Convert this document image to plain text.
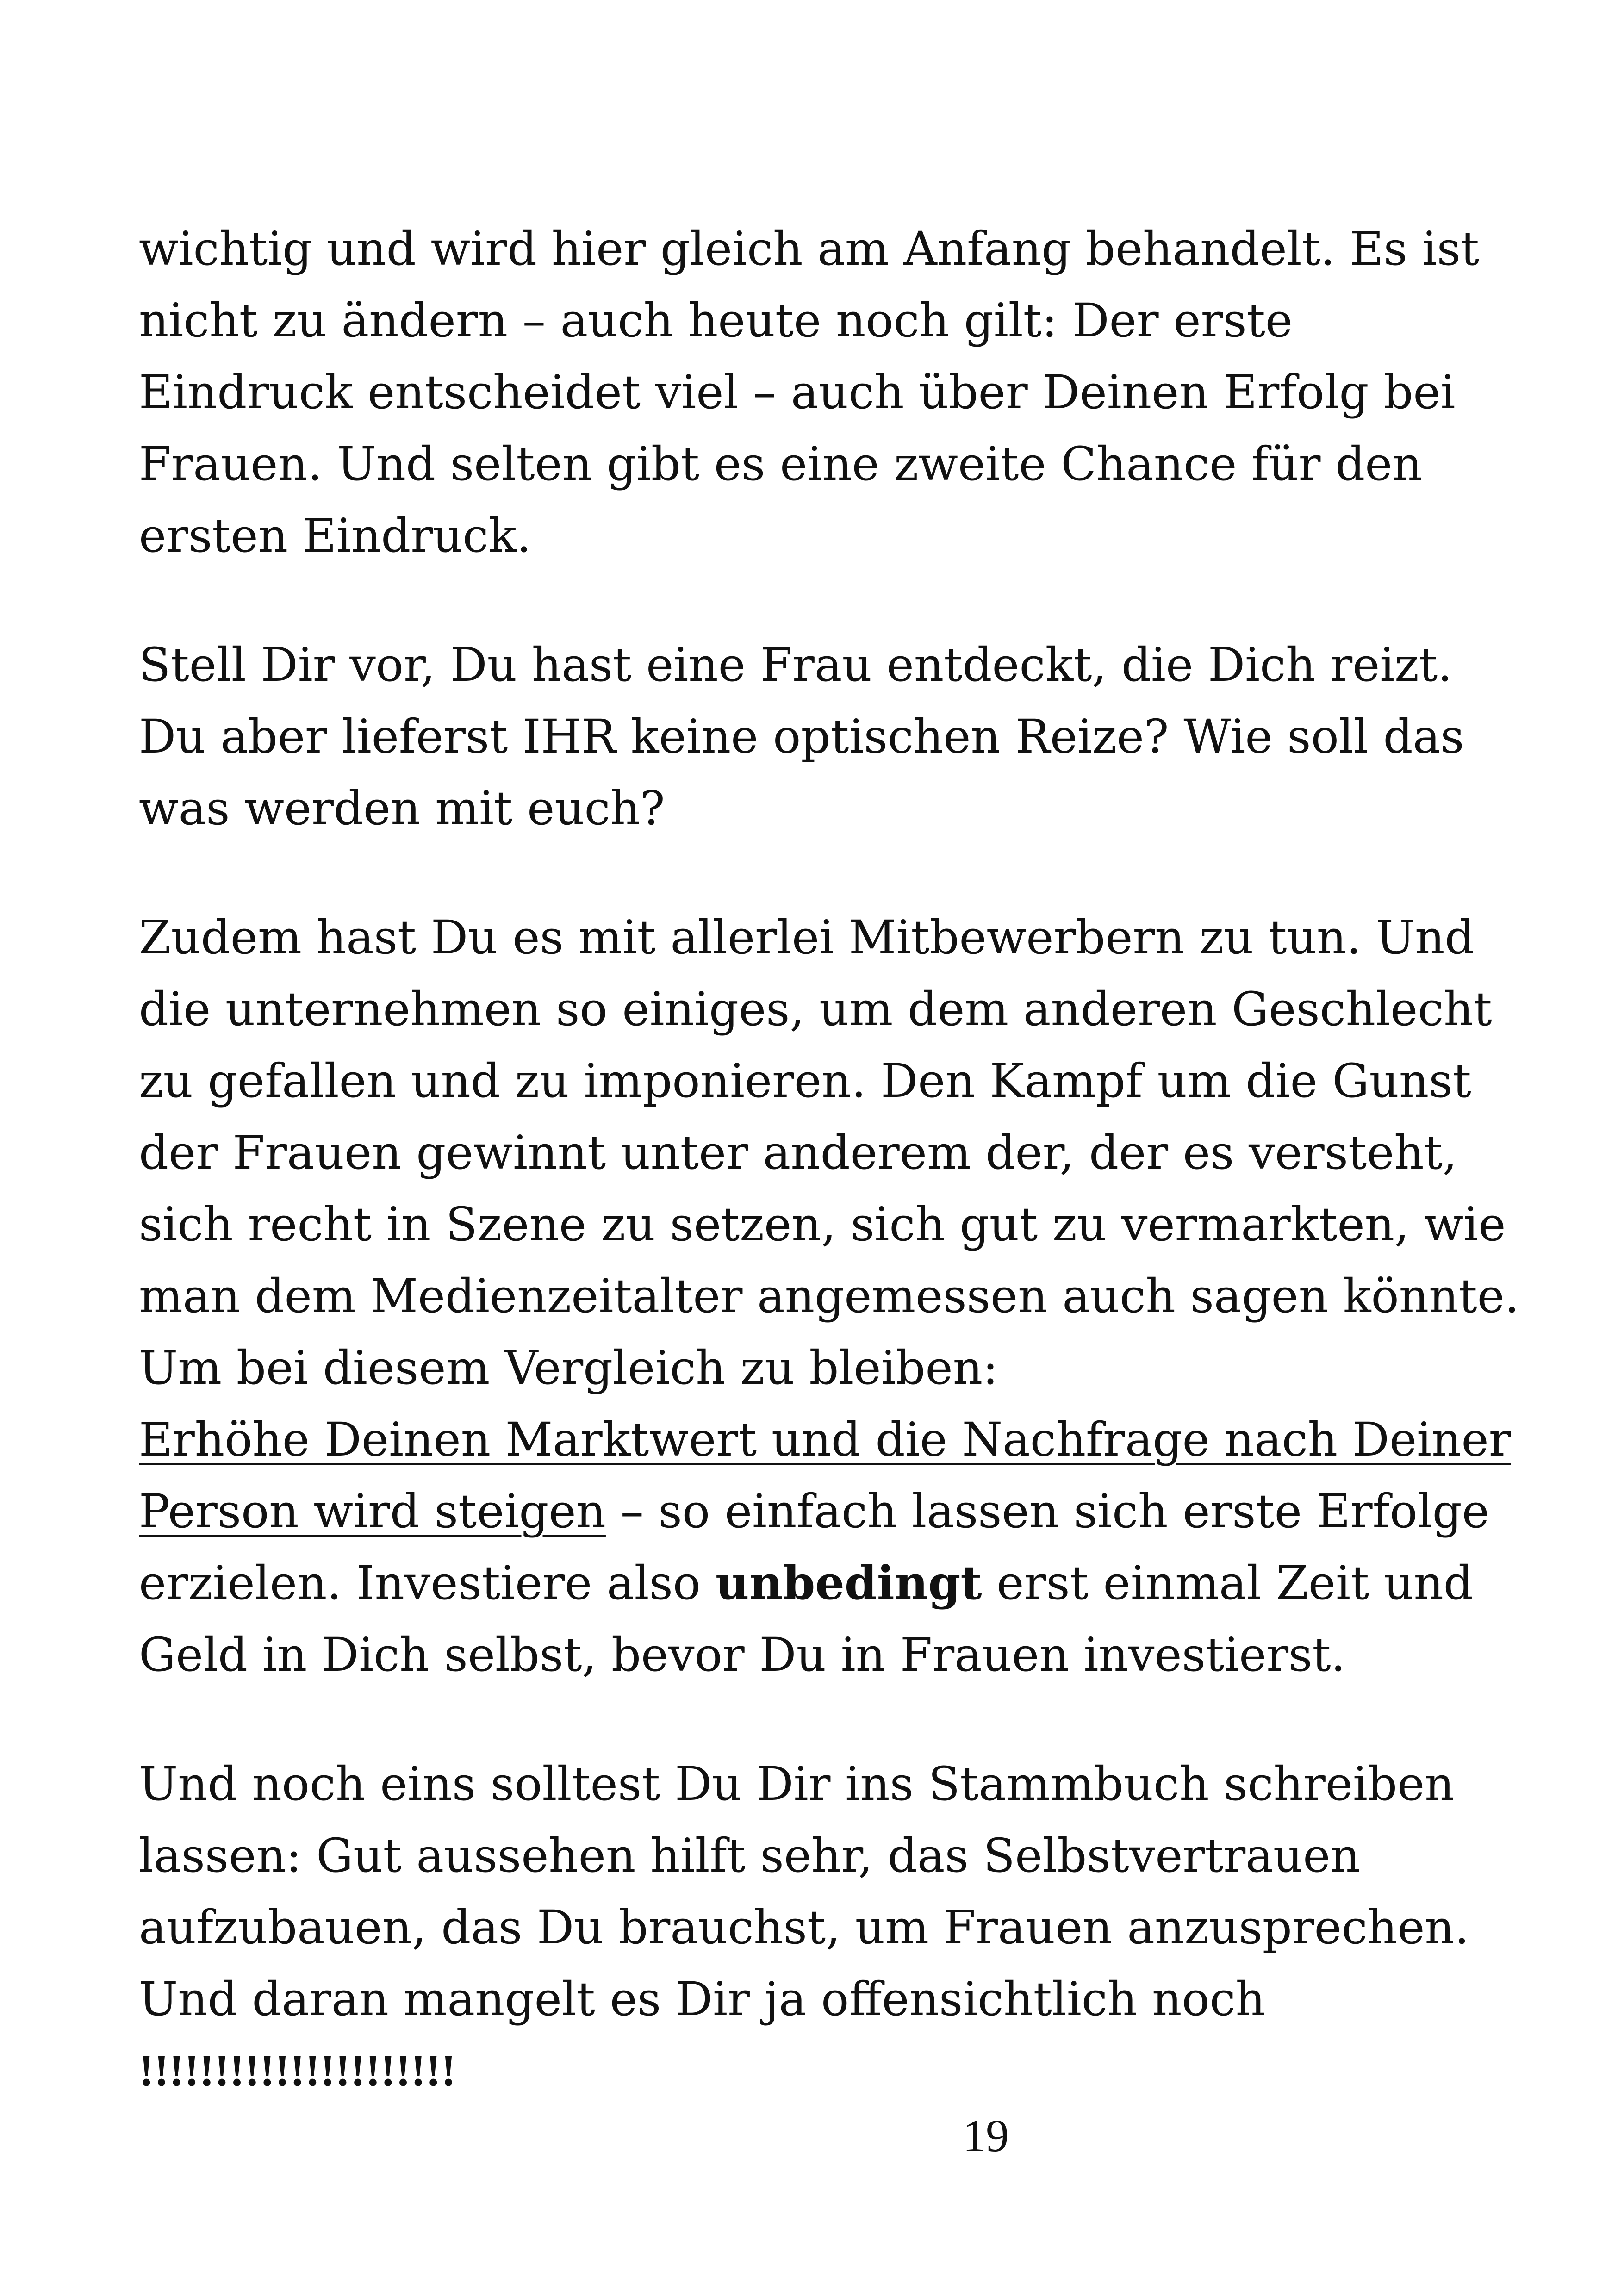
wichtig und wird hier gleich am Anfang behandelt. Es ist
nicht zu ändern – auch heute noch gilt: Der erste
Eindruck entscheidet viel – auch über Deinen Erfolg bei
Frauen. Und selten gibt es eine zweite Chance für den
ersten Eindruck.

Stell Dir vor, Du hast eine Frau entdeckt, die Dich reizt.
Du aber lieferst IHR keine optischen Reize? Wie soll das
was werden mit euch?

Zudem hast Du es mit allerlei Mitbewerbern zu tun. Und
die unternehmen so einiges, um dem anderen Geschlecht
zu gefallen und zu imponieren. Den Kampf um die Gunst
der Frauen gewinnt unter anderem der, der es versteht,
sich recht in Szene zu setzen, sich gut zu vermarkten, wie
man dem Medienzeitalter angemessen auch sagen könnte.
Um bei diesem Vergleich zu bleiben:
Erhöhe Deinen Marktwert und die Nachfrage nach Deiner
Person wird steigen – so einfach lassen sich erste Erfolge
erzielen. Investiere also unbedingt erst einmal Zeit und
Geld in Dich selbst, bevor Du in Frauen investierst.

Und noch eins solltest Du Dir ins Stammbuch schreiben
lassen: Gut aussehen hilft sehr, das Selbstvertrauen
aufzubauen, das Du brauchst, um Frauen anzusprechen.
Und daran mangelt es Dir ja offensichtlich noch
!!!!!!!!!!!!!!!!!!!!!

19
